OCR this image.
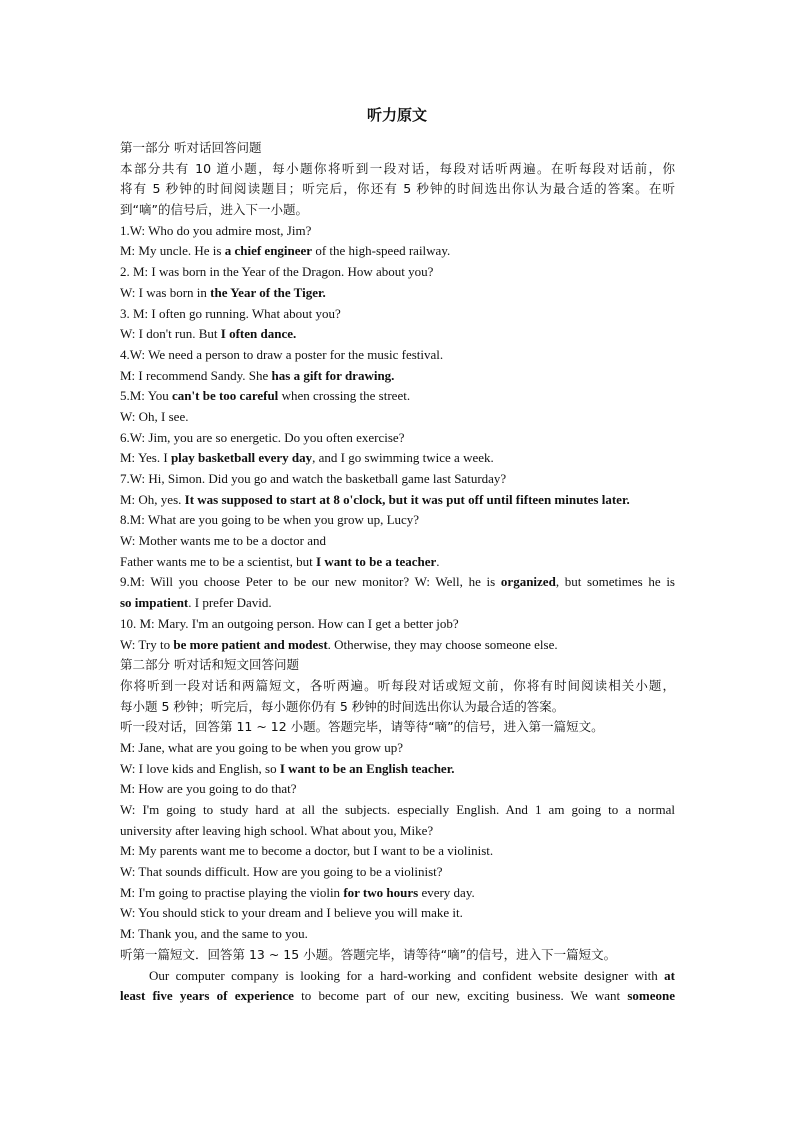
听力原文
第一部分 听对话回答问题
本部分共有 10 道小题，每小题你将听到一段对话，每段对话听两遍。在听每段对话前，你
将有 5 秒钟的时间阅读题目；听完后，你还有 5 秒钟的时间选出你认为最合适的答案。在听
到“嘀”的信号后，进入下一小题。
1.W: Who do you admire most, Jim?
M: My uncle. He is a chief engineer of the high-speed railway.
2. M: I was born in the Year of the Dragon. How about you?
W: I was born in the Year of the Tiger.
3. M: I often go running. What about you?
W: I don't run. But I often dance.
4.W: We need a person to draw a poster for the music festival.
M: I recommend Sandy. She has a gift for drawing.
5.M: You can't be too careful when crossing the street.
W: Oh, I see.
6.W: Jim, you are so energetic. Do you often exercise?
M: Yes. I play basketball every day, and I go swimming twice a week.
7.W: Hi, Simon. Did you go and watch the basketball game last Saturday?
M: Oh, yes. It was supposed to start at 8 o'clock, but it was put off until fifteen minutes later.
8.M: What are you going to be when you grow up, Lucy?
W: Mother wants me to be a doctor and
Father wants me to be a scientist, but I want to be a teacher.
9.M: Will you choose Peter to be our new monitor? W: Well, he is organized, but sometimes he is
so impatient. I prefer David.
10. M: Mary. I'm an outgoing person. How can I get a better job?
W: Try to be more patient and modest. Otherwise, they may choose someone else.
第二部分 听对话和短文回答问题
你将听到一段对话和两篇短文，各听两遍。听每段对话或短文前，你将有时间阅读相关小题，
每小题 5 秒钟；听完后，每小题你仍有 5 秒钟的时间选出你认为最合适的答案。
听一段对话，回答第 11 ~ 12 小题。答题完毕，请等待“嘀”的信号，进入第一篇短文。
M: Jane, what are you going to be when you grow up?
W: I love kids and English, so I want to be an English teacher.
M: How are you going to do that?
W: I'm going to study hard at all the subjects. especially English. And 1 am going to a normal
university after leaving high school. What about you, Mike?
M: My parents want me to become a doctor, but I want to be a violinist.
W: That sounds difficult. How are you going to be a violinist?
M: I'm going to practise playing the violin for two hours every day.
W: You should stick to your dream and I believe you will make it.
M: Thank you, and the same to you.
听第一篇短文．回答第 13 ~ 15 小题。答题完毕，请等待“嘀”的信号，进入下一篇短文。
Our computer company is looking for a hard-working and confident website designer with at
least five years of experience to become part of our new, exciting business. We want someone
